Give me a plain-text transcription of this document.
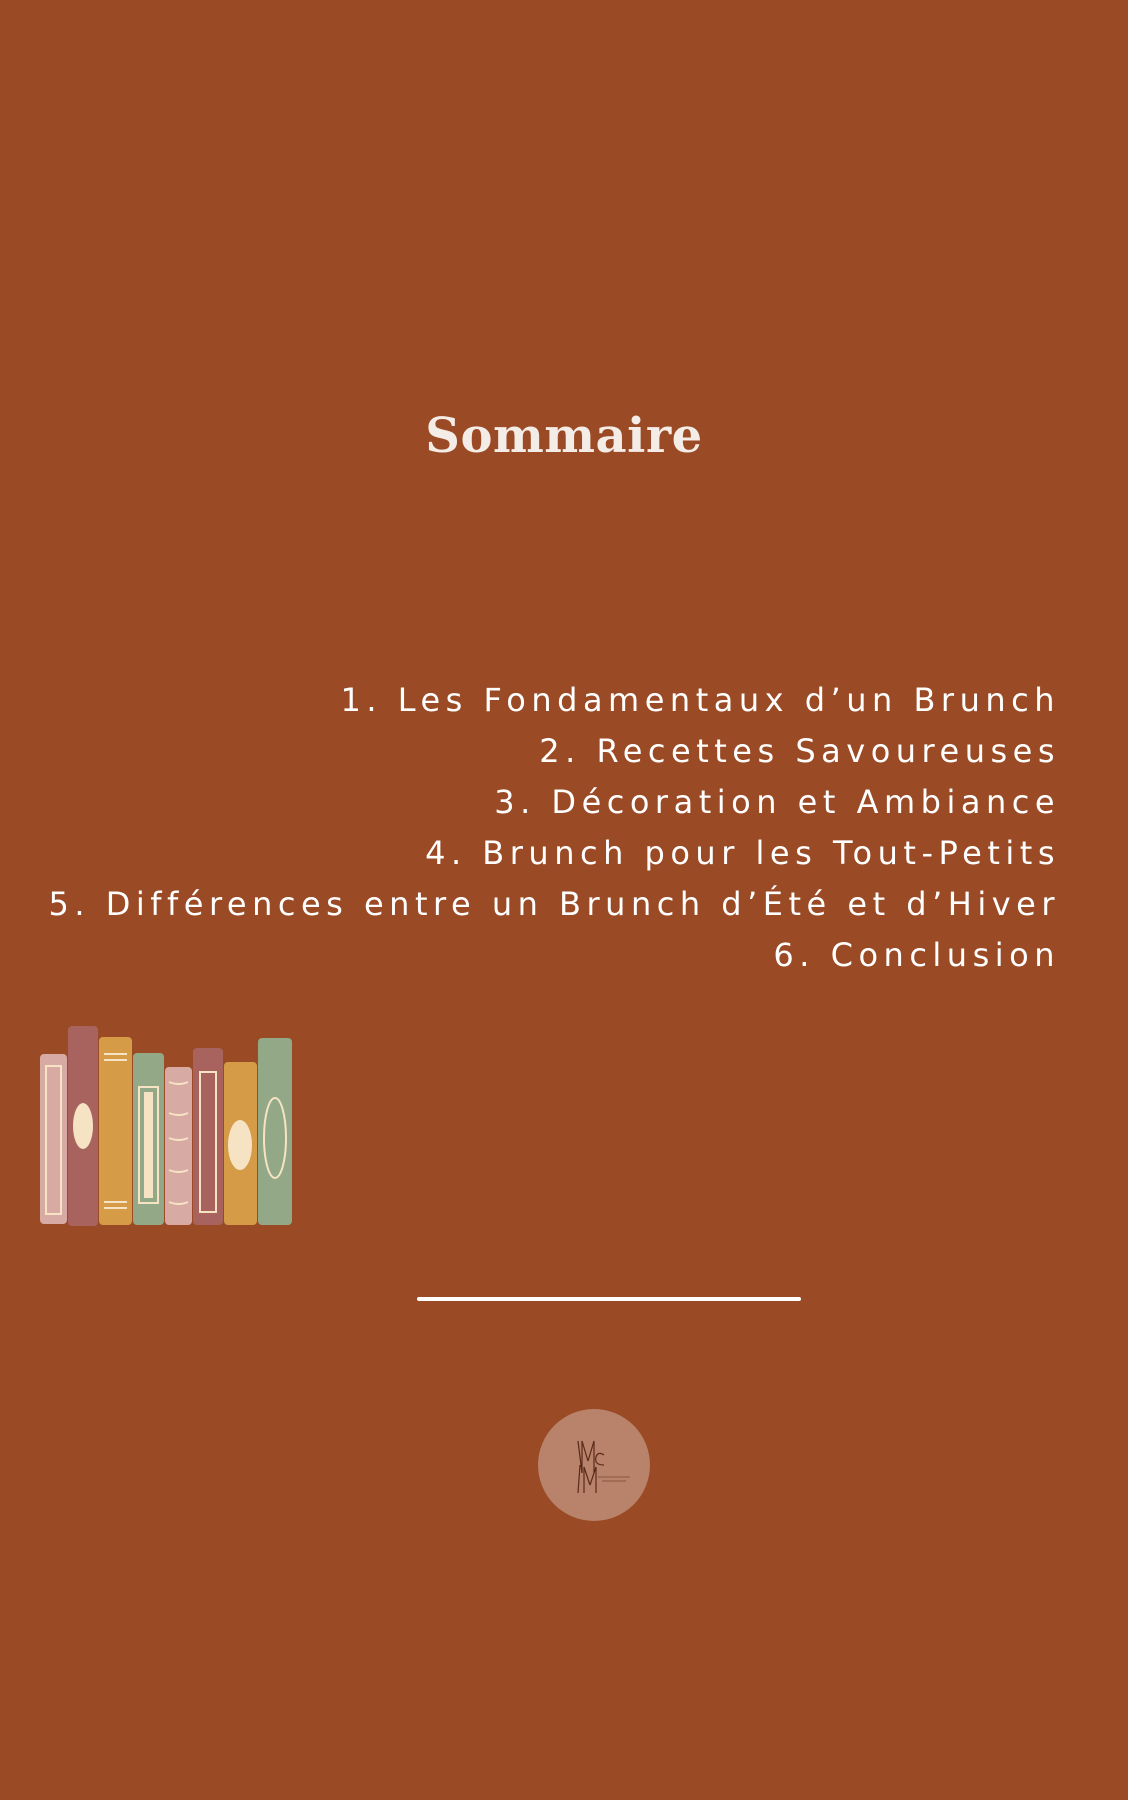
Sommaire
1. Les Fondamentaux d’un Brunch
2. Recettes Savoureuses
3. Décoration et Ambiance
4. Brunch pour les Tout-Petits
5. Différences entre un Brunch d’Été et d’Hiver
6. Conclusion
